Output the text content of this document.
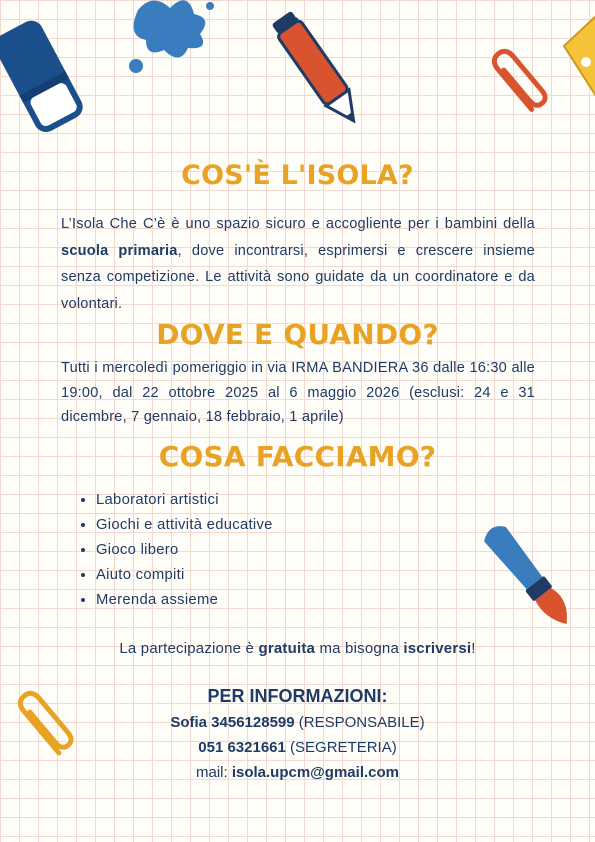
COS'È L'ISOLA?

L’Isola Che C’è è uno spazio sicuro e accogliente per i bambini della scuola primaria, dove incontrarsi, esprimersi e crescere insieme senza competizione. Le attività sono guidate da un coordinatore e da volontari.

DOVE E QUANDO?

Tutti i mercoledì pomeriggio in via IRMA BANDIERA 36 dalle 16:30 alle 19:00, dal 22 ottobre 2025 al 6 maggio 2026 (esclusi: 24 e 31 dicembre, 7 gennaio, 18 febbraio, 1 aprile)

COSA FACCIAMO?
• Laboratori artistici
• Giochi e attività educative
• Gioco libero
• Aiuto compiti
• Merenda assieme

La partecipazione è gratuita ma bisogna iscriversi!

PER INFORMAZIONI:

Sofia 3456128599 (RESPONSABILE)

051 6321661 (SEGRETERIA)

mail: isola.upcm@gmail.com
